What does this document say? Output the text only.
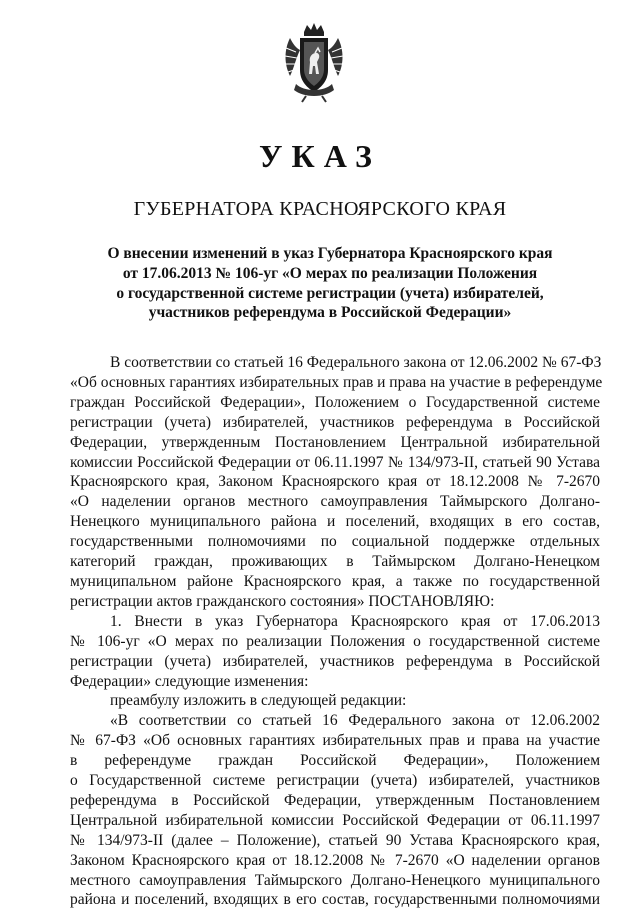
УКАЗ
ГУБЕРНАТОРА КРАСНОЯРСКОГО КРАЯ
О внесении изменений в указ Губернатора Красноярского края
от 17.06.2013 № 106-уг «О мерах по реализации Положения
о государственной системе регистрации (учета) избирателей,
участников референдума в Российской Федерации»
В соответствии со статьей 16 Федерального закона от 12.06.2002 № 67-ФЗ
«Об основных гарантиях избирательных прав и права на участие в референдуме
граждан Российской Федерации», Положением о Государственной системе
регистрации (учета) избирателей, участников референдума в Российской
Федерации, утвержденным Постановлением Центральной избирательной
комиссии Российской Федерации от 06.11.1997 № 134/973-II, статьей 90 Устава
Красноярского края, Законом Красноярского края от 18.12.2008 № 7-2670
«О наделении органов местного самоуправления Таймырского Долгано-
Ненецкого муниципального района и поселений, входящих в его состав,
государственными полномочиями по социальной поддержке отдельных
категорий граждан, проживающих в Таймырском Долгано-Ненецком
муниципальном районе Красноярского края, а также по государственной
регистрации актов гражданского состояния» ПОСТАНОВЛЯЮ:
1. Внести в указ Губернатора Красноярского края от 17.06.2013
№ 106-уг «О мерах по реализации Положения о государственной системе
регистрации (учета) избирателей, участников референдума в Российской
Федерации» следующие изменения:
преамбулу изложить в следующей редакции:
«В соответствии со статьей 16 Федерального закона от 12.06.2002
№ 67-ФЗ «Об основных гарантиях избирательных прав и права на участие
в референдуме граждан Российской Федерации», Положением
о Государственной системе регистрации (учета) избирателей, участников
референдума в Российской Федерации, утвержденным Постановлением
Центральной избирательной комиссии Российской Федерации от 06.11.1997
№ 134/973-II (далее – Положение), статьей 90 Устава Красноярского края,
Законом Красноярского края от 18.12.2008 № 7-2670 «О наделении органов
местного самоуправления Таймырского Долгано-Ненецкого муниципального
района и поселений, входящих в его состав, государственными полномочиями
